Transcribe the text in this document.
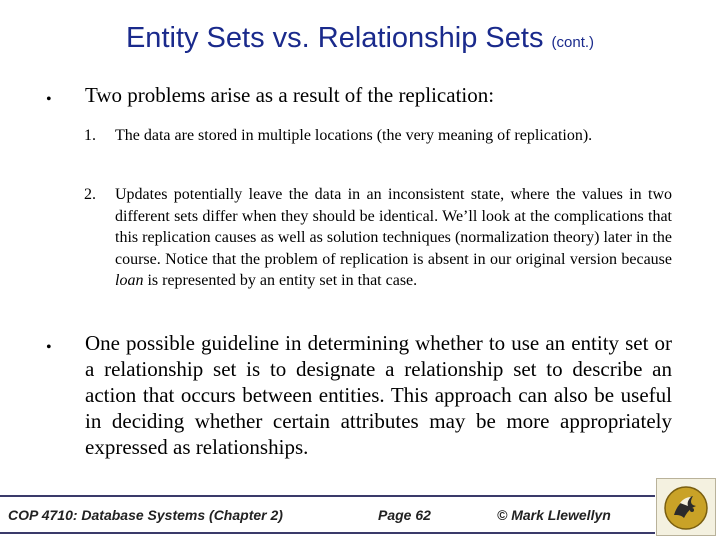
Entity Sets vs. Relationship Sets (cont.)
• Two problems arise as a result of the replication:
1. The data are stored in multiple locations (the very meaning of replication).
2. Updates potentially leave the data in an inconsistent state, where the values in two different sets differ when they should be identical. We’ll look at the complications that this replication causes as well as solution techniques (normalization theory) later in the course. Notice that the problem of replication is absent in our original version because loan is represented by an entity set in that case.
• One possible guideline in determining whether to use an entity set or a relationship set is to designate a relationship set to describe an action that occurs between entities. This approach can also be useful in deciding whether certain attributes may be more appropriately expressed as relationships.
COP 4710: Database Systems (Chapter 2)	Page 62	© Mark Llewellyn
